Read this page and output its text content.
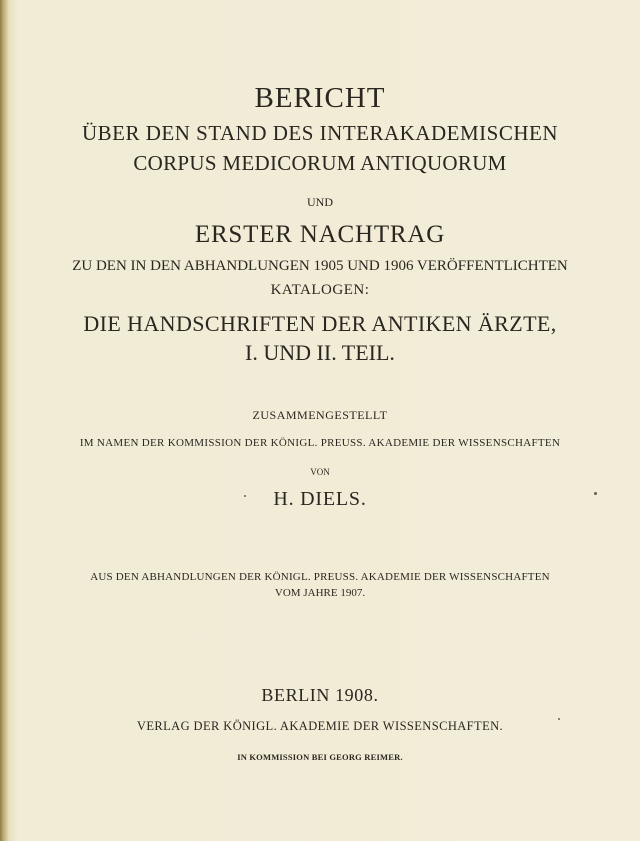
BERICHT
ÜBER DEN STAND DES INTERAKADEMISCHEN
CORPUS MEDICORUM ANTIQUORUM
UND
ERSTER NACHTRAG
ZU DEN IN DEN ABHANDLUNGEN 1905 UND 1906 VERÖFFENTLICHTEN
KATALOGEN:
DIE HANDSCHRIFTEN DER ANTIKEN ÄRZTE,
I. UND II. TEIL.
ZUSAMMENGESTELLT
IM NAMEN DER KOMMISSION DER KÖNIGL. PREUSS. AKADEMIE DER WISSENSCHAFTEN
VON
H. DIELS.
AUS DEN ABHANDLUNGEN DER KÖNIGL. PREUSS. AKADEMIE DER WISSENSCHAFTEN
VOM JAHRE 1907.
BERLIN 1908.
VERLAG DER KÖNIGL. AKADEMIE DER WISSENSCHAFTEN.
IN KOMMISSION BEI GEORG REIMER.
